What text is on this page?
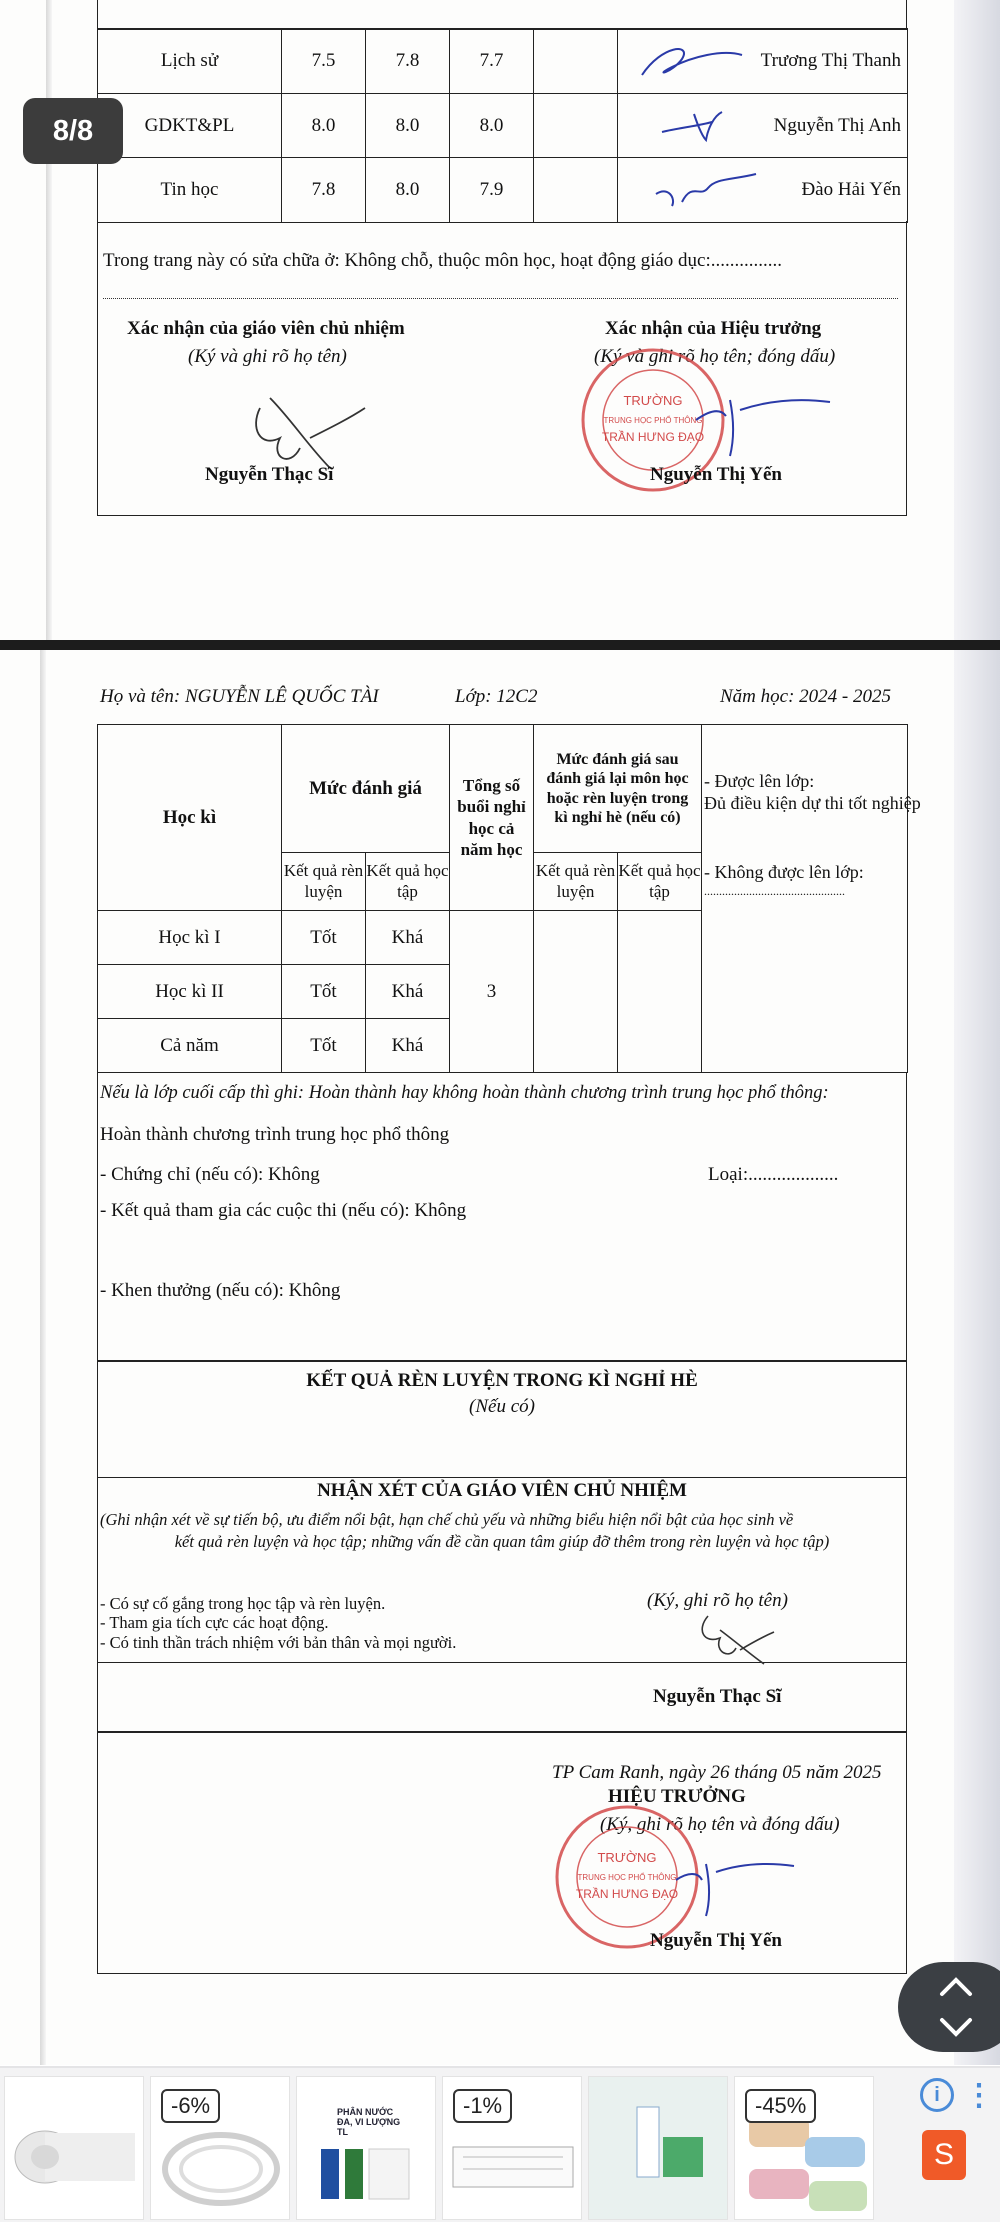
Lịch sử	7.5	7.8	7.7		Trương Thị Thanh
GDKT&PL	8.0	8.0	8.0		Nguyễn Thị Anh
Tin học	7.8	8.0	7.9		Đào Hải Yến
Trong trang này có sửa chữa ở: Không chỗ, thuộc môn học, hoạt động giáo dục:...............
Xác nhận của giáo viên chủ nhiệm
(Ký và ghi rõ họ tên)
Nguyễn Thạc Sĩ
Xác nhận của Hiệu trưởng
(Ký và ghi rõ họ tên; đóng dấu)
TRƯỜNG
TRUNG HỌC PHỔ THÔNG
TRẦN HƯNG ĐẠO
Nguyễn Thị Yến
8/8
Họ và tên: NGUYỄN LÊ QUỐC TÀI	Lớp: 12C2	Năm học: 2024 - 2025
Học kì	Mức đánh giá		Tổng số buổi nghỉ học cả năm học	Mức đánh giá sau đánh giá lại môn học hoặc rèn luyện trong kì nghỉ hè (nếu có)		- Được lên lớp:
Đủ điều kiện dự thi tốt nghiệp
- Không được lên lớp:
...............................................

	Kết quả rèn luyện	Kết quả học tập		Kết quả rèn luyện	Kết quả học tập	
Học kì I	Tốt	Khá	3			
Học kì II	Tốt	Khá				
Cả năm	Tốt	Khá				
Nếu là lớp cuối cấp thì ghi: Hoàn thành hay không hoàn thành chương trình trung học phổ thông:
Hoàn thành chương trình trung học phổ thông
- Chứng chỉ (nếu có): Không	Loại:...................
- Kết quả tham gia các cuộc thi (nếu có): Không
- Khen thưởng (nếu có): Không
KẾT QUẢ RÈN LUYỆN TRONG KÌ NGHỈ HÈ
(Nếu có)
NHẬN XÉT CỦA GIÁO VIÊN CHỦ NHIỆM
(Ghi nhận xét về sự tiến bộ, ưu điểm nổi bật, hạn chế chủ yếu và những biểu hiện nổi bật của học sinh về
kết quả rèn luyện và học tập; những vấn đề cần quan tâm giúp đỡ thêm trong rèn luyện và học tập)
- Có sự cố gắng trong học tập và rèn luyện.
- Tham gia tích cực các hoạt động.
- Có tinh thần trách nhiệm với bản thân và mọi người.
(Ký, ghi rõ họ tên)
Nguyễn Thạc Sĩ
TP Cam Ranh, ngày 26 tháng 05 năm 2025
HIỆU TRƯỞNG
(Ký, ghi rõ họ tên và đóng dấu)
TRƯỜNG
TRUNG HỌC PHỔ THÔNG
TRẦN HƯNG ĐẠO
Nguyễn Thị Yến
-6%	PHÂN NƯỚC ĐA, VI LƯỢNG TL
-1%	-45%	i ⋮
S
